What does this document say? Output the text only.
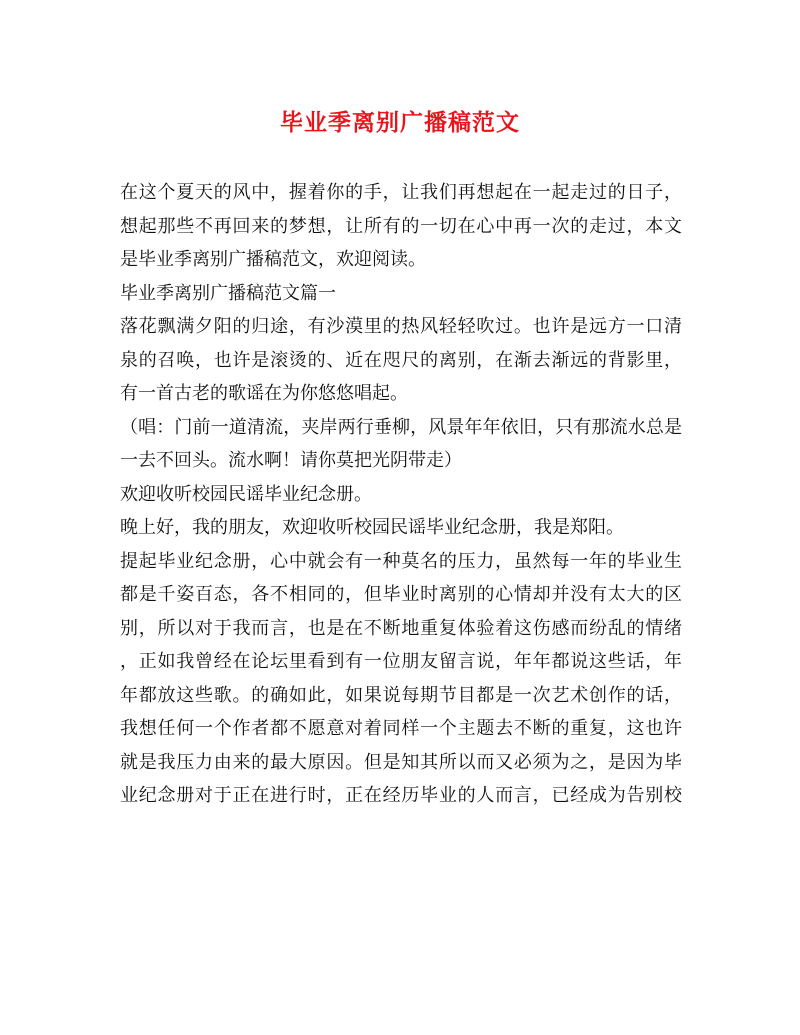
毕业季离别广播稿范文
在这个夏天的风中，握着你的手，让我们再想起在一起走过的日子，
想起那些不再回来的梦想，让所有的一切在心中再一次的走过，本文
是毕业季离别广播稿范文，欢迎阅读。
毕业季离别广播稿范文篇一
落花飘满夕阳的归途，有沙漠里的热风轻轻吹过。也许是远方一口清
泉的召唤，也许是滚烫的、近在咫尺的离别，在渐去渐远的背影里，
有一首古老的歌谣在为你悠悠唱起。
（唱：门前一道清流，夹岸两行垂柳，风景年年依旧，只有那流水总是
一去不回头。流水啊！请你莫把光阴带走）
欢迎收听校园民谣毕业纪念册。
晚上好，我的朋友，欢迎收听校园民谣毕业纪念册，我是郑阳。
提起毕业纪念册，心中就会有一种莫名的压力，虽然每一年的毕业生
都是千姿百态，各不相同的，但毕业时离别的心情却并没有太大的区
别，所以对于我而言，也是在不断地重复体验着这伤感而纷乱的情绪
，正如我曾经在论坛里看到有一位朋友留言说，年年都说这些话，年
年都放这些歌。的确如此，如果说每期节目都是一次艺术创作的话，
我想任何一个作者都不愿意对着同样一个主题去不断的重复，这也许
就是我压力由来的最大原因。但是知其所以而又必须为之，是因为毕
业纪念册对于正在进行时，正在经历毕业的人而言，已经成为告别校
